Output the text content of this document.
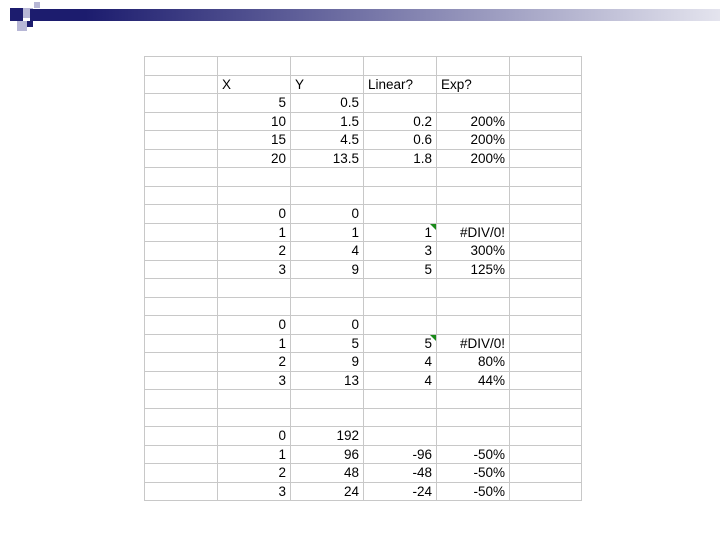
	X	Y	Linear?	Exp?	
	5	0.5			
	10	1.5	0.2	200%	
	15	4.5	0.6	200%	
	20	13.5	1.8	200%	

	0	0			
	1	1	1	#DIV/0!	
	2	4	3	300%	
	3	9	5	125%	

	0	0			
	1	5	5	#DIV/0!	
	2	9	4	80%	
	3	13	4	44%	

	0	192			
	1	96	-96	-50%	
	2	48	-48	-50%	
	3	24	-24	-50%	
